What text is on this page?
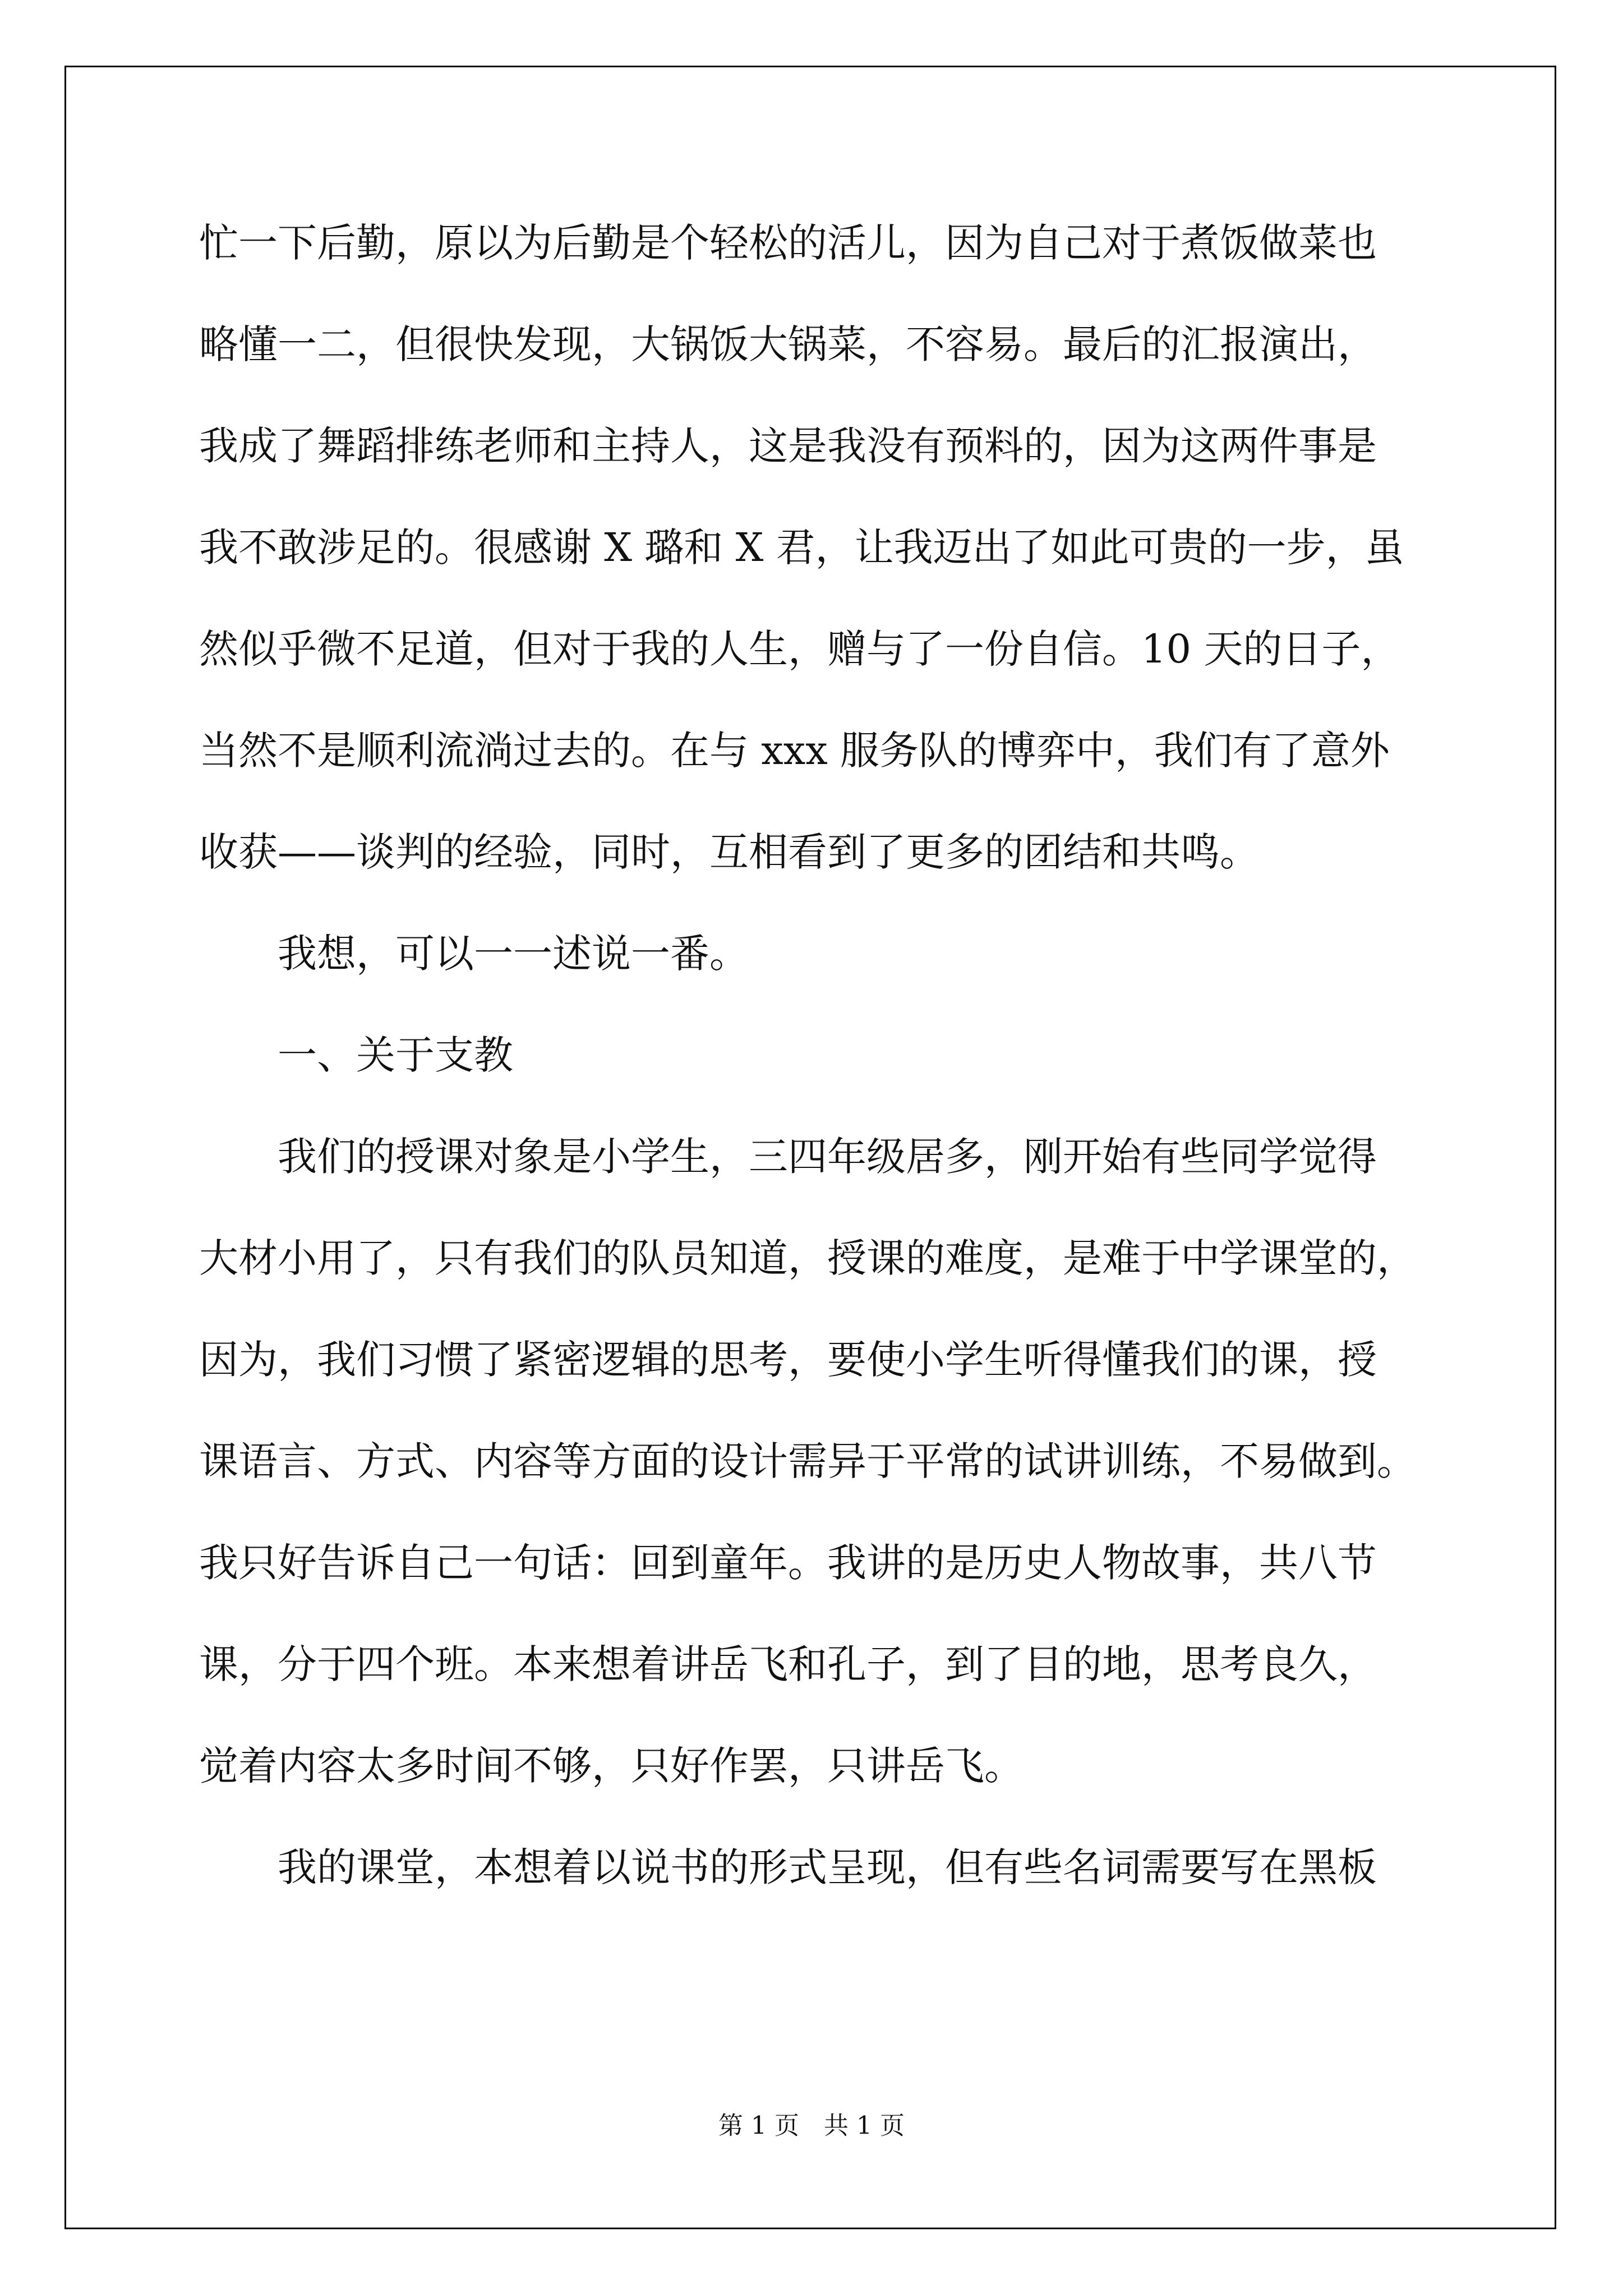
忙一下后勤，原以为后勤是个轻松的活儿，因为自己对于煮饭做菜也
略懂一二，但很快发现，大锅饭大锅菜，不容易。最后的汇报演出，
我成了舞蹈排练老师和主持人，这是我没有预料的，因为这两件事是
我不敢涉足的。很感谢 X 璐和 X 君，让我迈出了如此可贵的一步，虽
然似乎微不足道，但对于我的人生，赠与了一份自信。10 天的日子，
当然不是顺利流淌过去的。在与 xxx 服务队的博弈中，我们有了意外
收获——谈判的经验，同时，互相看到了更多的团结和共鸣。
　　我想，可以一一述说一番。
　　一、关于支教
　　我们的授课对象是小学生，三四年级居多，刚开始有些同学觉得
大材小用了，只有我们的队员知道，授课的难度，是难于中学课堂的，
因为，我们习惯了紧密逻辑的思考，要使小学生听得懂我们的课，授
课语言、方式、内容等方面的设计需异于平常的试讲训练，不易做到。
我只好告诉自己一句话：回到童年。我讲的是历史人物故事，共八节
课，分于四个班。本来想着讲岳飞和孔子，到了目的地，思考良久，
觉着内容太多时间不够，只好作罢，只讲岳飞。
　　我的课堂，本想着以说书的形式呈现，但有些名词需要写在黑板
第 1 页　共 1 页
